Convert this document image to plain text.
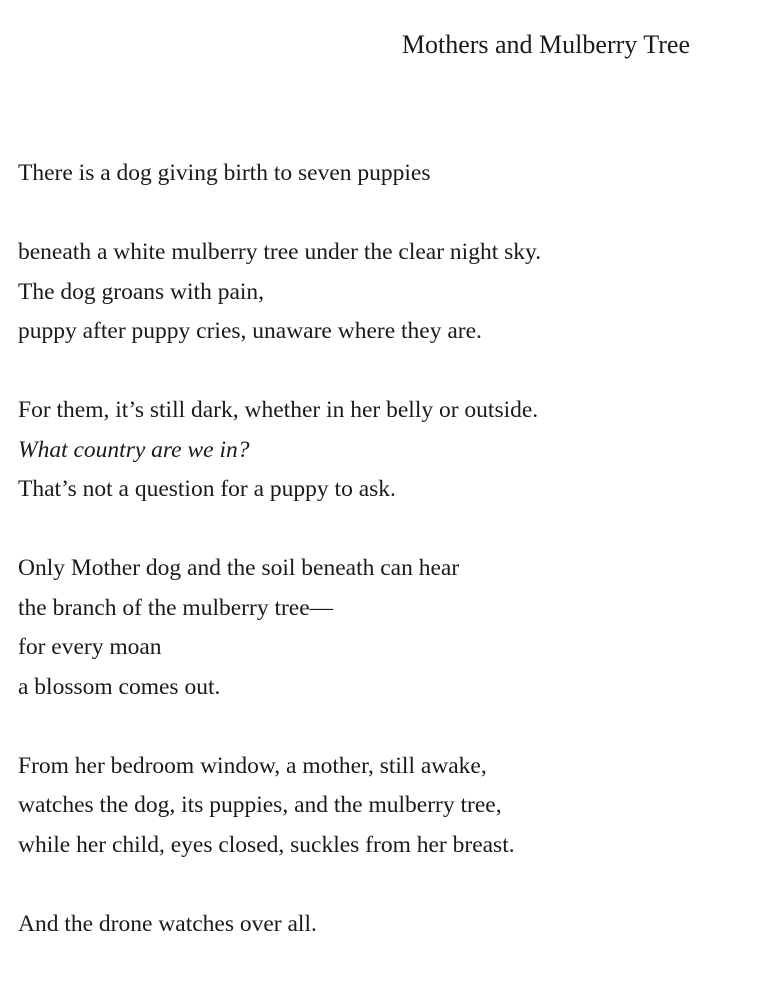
Mothers and Mulberry Tree
There is a dog giving birth to seven puppies
beneath a white mulberry tree under the clear night sky.
The dog groans with pain,
puppy after puppy cries, unaware where they are.
For them, it’s still dark, whether in her belly or outside.
What country are we in?
That’s not a question for a puppy to ask.
Only Mother dog and the soil beneath can hear
the branch of the mulberry tree—
for every moan
a blossom comes out.
From her bedroom window, a mother, still awake,
watches the dog, its puppies, and the mulberry tree,
while her child, eyes closed, suckles from her breast.
And the drone watches over all.
